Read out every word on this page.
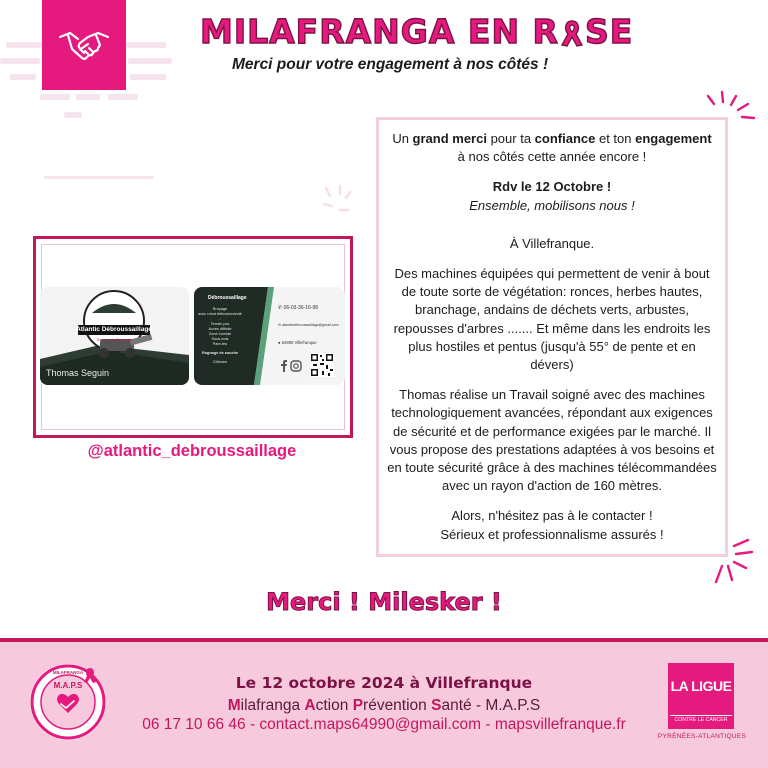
MILAFRANGA EN R SE
Merci pour votre engagement à nos côtés !
Atlantic Débroussaillage
Service de Broyage
Thomas Seguin
Débroussaillage
Broyage
avec robot télécommandé :
Terrain pcs
Accès difficile
Zone humide
Sous-bois
Pare-feu
Rognage de souche
Clôtures
✆ 06-03-36-16-98
✉ atlanticdebroussaillage@gmail.com
● 64990 Villefranque
@atlantic_debroussaillage

Un grand merci pour ta confiance et ton engagement à nos côtés cette année encore !

Rdv le 12 Octobre !

Ensemble, mobilisons nous !

À Villefranque.

Des machines équipées qui permettent de venir à bout de toute sorte de végétation: ronces, herbes hautes, branchage, andains de déchets verts, arbustes, repousses d'arbres ....... Et même dans les endroits les plus hostiles et pentus (jusqu'à 55° de pente et en dévers)

Thomas réalise un Travail soigné avec des machines technologiquement avancées, répondant aux exigences de sécurité et de performance exigées par le marché. Il vous propose des prestations adaptées à vos besoins et en toute sécurité grâce à des machines télécommandées avec un rayon d'action de 160 mètres.

Alors, n'hésitez pas à le contacter !

Sérieux et professionnalisme assurés !

Merci ! Milesker !
MILAFRANGA
M.A.P.S	Le 12 octobre 2024 à Villefranque
Milafranga Action Prévention Santé - M.A.P.S
06 17 10 66 46 - contact.maps64990@gmail.com - mapsvillefranque.fr
LA LIGUE
CONTRE LE CANCER
PYRÉNÉES-ATLANTIQUES
